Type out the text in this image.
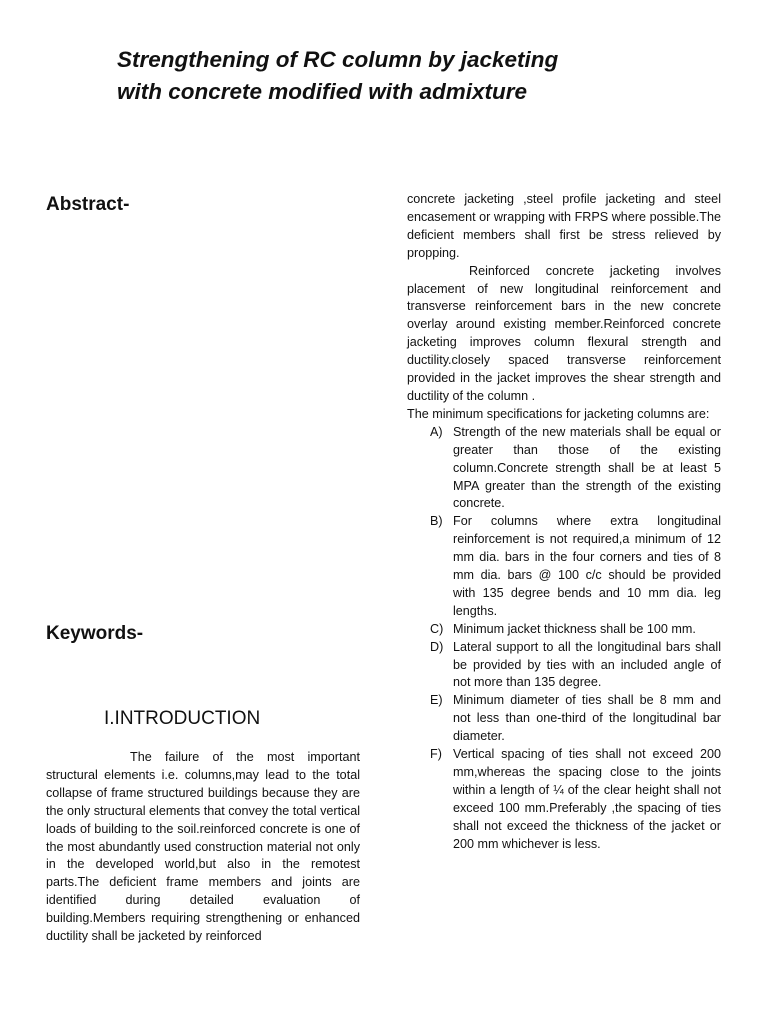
Strengthening of RC column by jacketing
with concrete modified with admixture
Abstract-
Keywords-
I.INTRODUCTION

The failure of the most important structural elements i.e. columns,may lead to the total collapse of frame structured buildings because they are the only structural elements that convey the total vertical loads of building to the soil.reinforced concrete is one of the most abundantly used construction material not only in the developed world,but also in the remotest parts.The deficient frame members and joints are identified during detailed evaluation of building.Members requiring strengthening or enhanced ductility shall be jacketed by reinforced

concrete jacketing ,steel profile jacketing and steel encasement or wrapping with FRPS where possible.The deficient members shall first be stress relieved by propping.

Reinforced concrete jacketing involves placement of new longitudinal reinforcement and transverse reinforcement bars in the new concrete overlay around existing member.Reinforced concrete jacketing improves column flexural strength and ductility.closely spaced transverse reinforcement provided in the jacket improves the shear strength and ductility of the column .

The minimum specifications for jacketing columns are:

A) Strength of the new materials shall be equal or greater than those of the existing column.Concrete strength shall be at least 5 MPA greater than the strength of the existing concrete.
B) For columns where extra longitudinal reinforcement is not required,a minimum of 12 mm dia. bars in the four corners and ties of 8 mm dia. bars @ 100 c/c should be provided with 135 degree bends and 10 mm dia. leg lengths.
C) Minimum jacket thickness shall be 100 mm.
D) Lateral support to all the longitudinal bars shall be provided by ties with an included angle of not more than 135 degree.
E) Minimum diameter of ties shall be 8 mm and not less than one-third of the longitudinal bar diameter.
F) Vertical spacing of ties shall not exceed 200 mm,whereas the spacing close to the joints within a length of ¼ of the clear height shall not exceed 100 mm.Preferably ,the spacing of ties shall not exceed the thickness of the jacket or 200 mm whichever is less.
